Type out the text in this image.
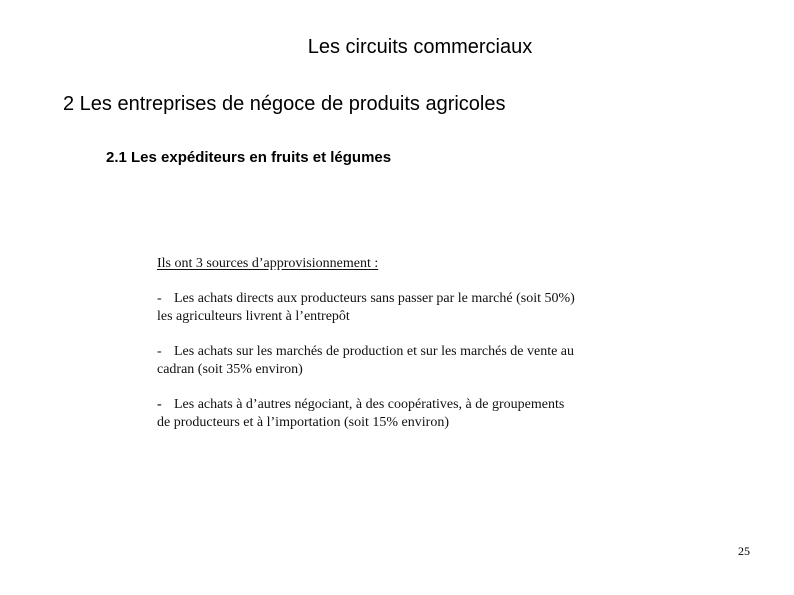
Les circuits commerciaux
2 Les entreprises de négoce de produits agricoles
2.1 Les expéditeurs en fruits et légumes

Ils ont 3 sources d’approvisionnement :

- Les achats directs aux producteurs sans passer par le marché (soit 50%)
les agriculteurs livrent à l’entrepôt
- Les achats sur les marchés de production et sur les marchés de vente au
cadran (soit 35% environ)
- Les achats à d’autres négociant, à des coopératives, à de groupements
de producteurs et à l’importation (soit 15% environ)
25
